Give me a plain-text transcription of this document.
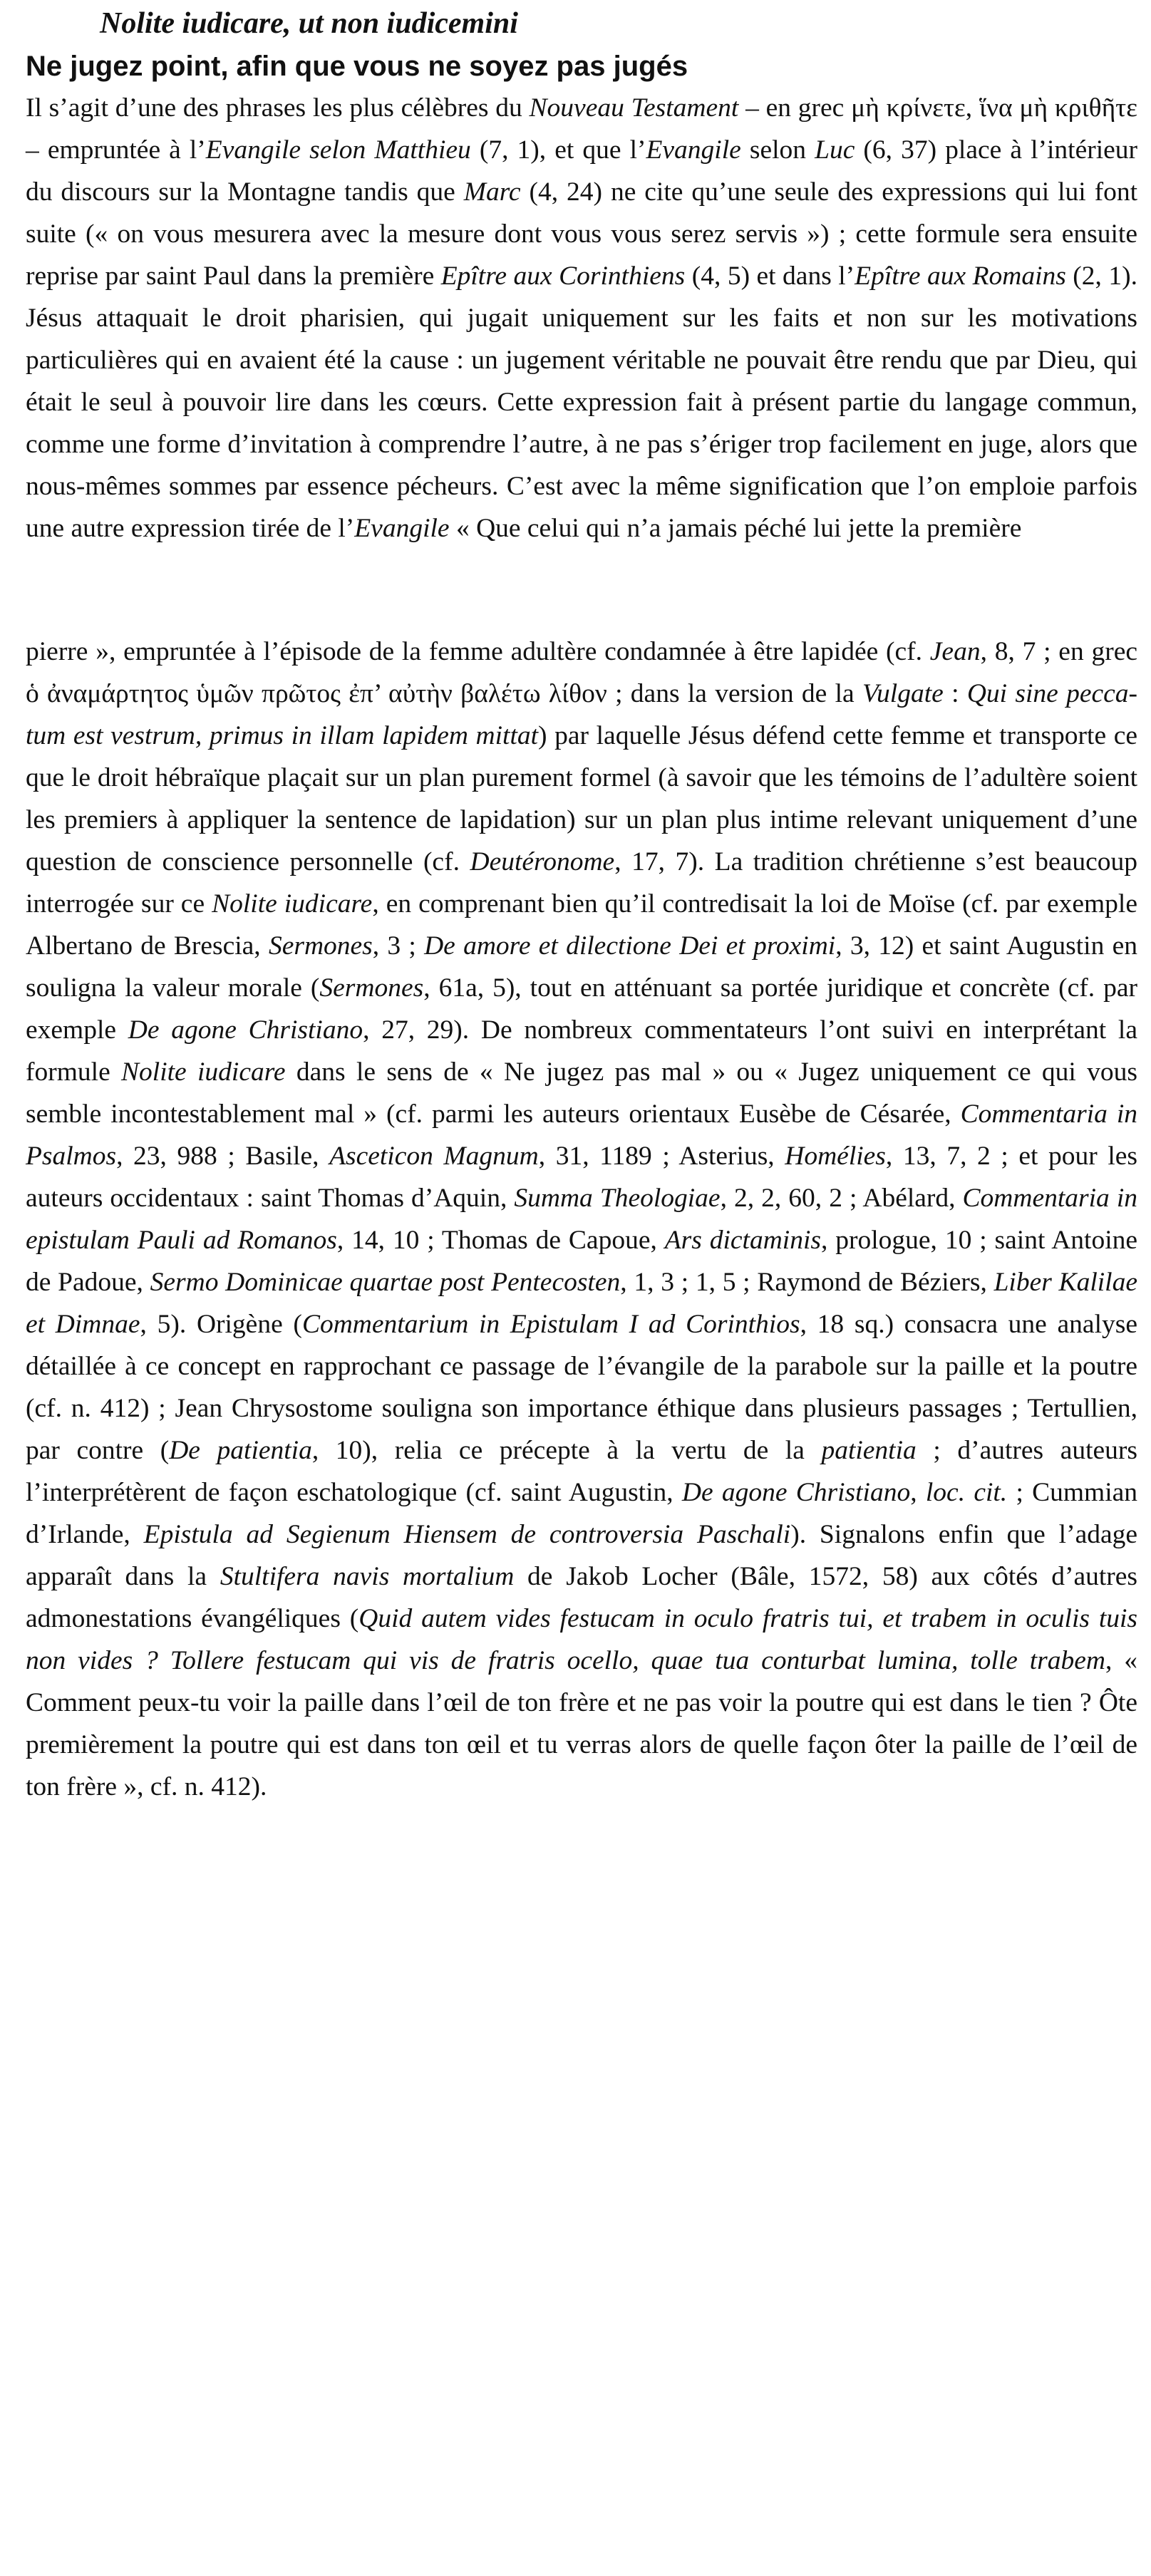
Nolite iudicare, ut non iudicemini
Ne jugez point, afin que vous ne soyez pas jugés

Il s’agit d’une des phrases les plus célèbres du Nouveau Testament – en grec μὴ κρίνετε, ἵνα μὴ κριθῆτε – empruntée à l’Evangile selon Matthieu (7, 1), et que l’Evangile selon Luc (6, 37) place à l’intérieur du discours sur la Montagne tandis que Marc (4, 24) ne cite qu’une seule des expressions qui lui font suite (« on vous mesurera avec la mesure dont vous vous serez servis ») ; cette formule sera ensuite reprise par saint Paul dans la première Epître aux Corinthiens (4, 5) et dans l’Epître aux Romains (2, 1). Jésus attaquait le droit pharisien, qui jugait uniquement sur les faits et non sur les motivations particulières qui en avaient été la cause : un jugement véritable ne pouvait être rendu que par Dieu, qui était le seul à pouvoir lire dans les cœurs. Cette expression fait à présent partie du langage commun, comme une forme d’invitation à comprendre l’autre, à ne pas s’ériger trop facilement en juge, alors que nous-mêmes sommes par essence pécheurs. C’est avec la même signification que l’on emploie parfois une autre expression tirée de l’Evangile « Que celui qui n’a jamais péché lui jette la première

pierre », empruntée à l’épisode de la femme adultère condamnée à être lapidée (cf. Jean, 8, 7 ; en grec ὁ ἀναμάρτητος ὑμῶν πρῶτος ἐπ’ αὐτὴν βαλέτω λίθον ; dans la version de la Vulgate : Qui sine peccatum est vestrum, primus in illam lapidem mittat) par laquelle Jésus défend cette femme et transporte ce que le droit hébraïque plaçait sur un plan purement formel (à savoir que les témoins de l’adultère soient les premiers à appliquer la sentence de lapidation) sur un plan plus intime relevant uniquement d’une question de conscience personnelle (cf. Deutéronome, 17, 7). La tradition chrétienne s’est beaucoup interrogée sur ce Nolite iudicare, en comprenant bien qu’il contredisait la loi de Moïse (cf. par exemple Albertano de Brescia, Sermones, 3 ; De amore et dilectione Dei et proximi, 3, 12) et saint Augustin en souligna la valeur morale (Sermones, 61a, 5), tout en atténuant sa portée juridique et concrète (cf. par exemple De agone Christiano, 27, 29). De nombreux commentateurs l’ont suivi en interprétant la formule Nolite iudicare dans le sens de « Ne jugez pas mal » ou « Jugez uniquement ce qui vous semble incontestablement mal » (cf. parmi les auteurs orientaux Eusèbe de Césarée, Commentaria in Psalmos, 23, 988 ; Basile, Asceticon Magnum, 31, 1189 ; Asterius, Homélies, 13, 7, 2 ; et pour les auteurs occidentaux : saint Thomas d’Aquin, Summa Theologiae, 2, 2, 60, 2 ; Abélard, Commentaria in epistulam Pauli ad Romanos, 14, 10 ; Thomas de Capoue, Ars dictaminis, prologue, 10 ; saint Antoine de Padoue, Sermo Dominicae quartae post Pentecosten, 1, 3 ; 1, 5 ; Raymond de Béziers, Liber Kalilae et Dimnae, 5). Origène (Commentarium in Epistulam I ad Corinthios, 18 sq.) consacra une analyse détaillée à ce concept en rapprochant ce passage de l’évangile de la parabole sur la paille et la poutre (cf. n. 412) ; Jean Chrysostome souligna son importance éthique dans plusieurs passages ; Tertullien, par contre (De patientia, 10), relia ce précepte à la vertu de la patientia ; d’autres auteurs l’interprétèrent de façon eschatologique (cf. saint Augustin, De agone Christiano, loc. cit. ; Cummian d’Irlande, Epistula ad Segienum Hiensem de controversia Paschali). Signalons enfin que l’adage apparaît dans la Stultifera navis mortalium de Jakob Locher (Bâle, 1572, 58) aux côtés d’autres admonestations évangéliques (Quid autem vides festucam in oculo fratris tui, et trabem in oculis tuis non vides ? Tollere festucam qui vis de fratris ocello, quae tua conturbat lumina, tolle trabem, « Comment peux-tu voir la paille dans l’œil de ton frère et ne pas voir la poutre qui est dans le tien ? Ôte premièrement la poutre qui est dans ton œil et tu verras alors de quelle façon ôter la paille de l’œil de ton frère », cf. n. 412).
